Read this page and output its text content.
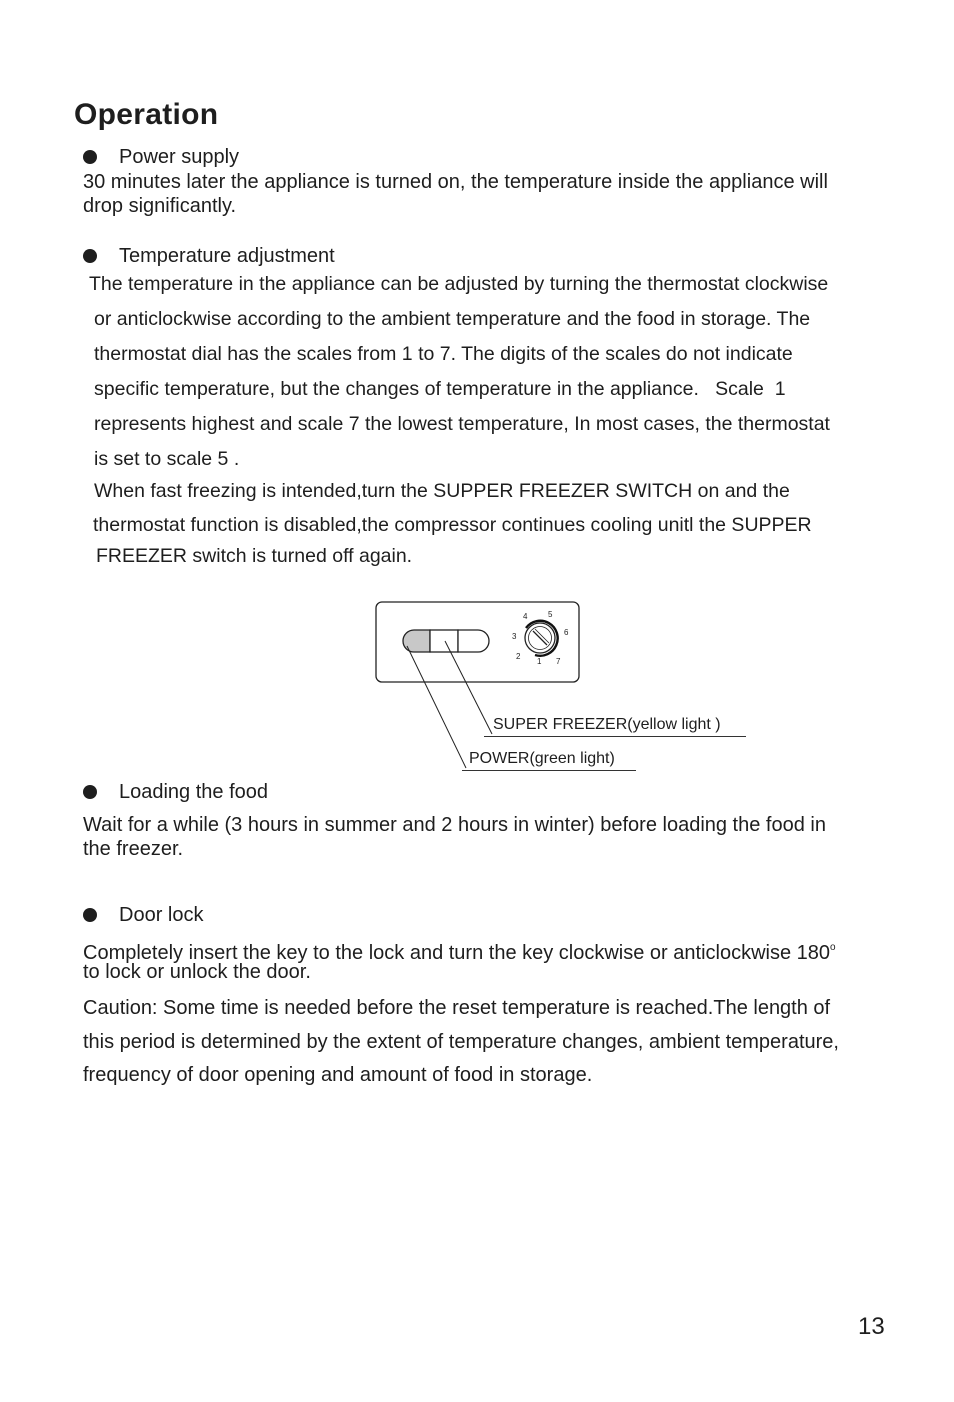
Operation
Power supply
30 minutes later the appliance is turned on, the temperature inside the appliance will
drop significantly.
Temperature adjustment
The temperature in the appliance can be adjusted by turning the thermostat clockwise
or anticlockwise according to the ambient temperature and the food in storage. The
thermostat dial has the scales from 1 to 7. The digits of the scales do not indicate
specific temperature, but the changes of temperature in the appliance.   Scale  1
represents highest and scale 7 the lowest temperature, In most cases, the thermostat
is set to scale 5 .
When fast freezing is intended,turn the SUPPER FREEZER SWITCH on and the
thermostat function is disabled,the compressor continues cooling unitl the SUPPER
FREEZER switch is turned off again.
1
2
3
4	5
6
7
SUPER FREEZER(yellow light )
POWER(green light)
Loading the food
Wait for a while (3 hours in summer and 2 hours in winter) before loading the food in
the freezer.
Door lock
Completely insert the key to the lock and turn the key clockwise or anticlockwise 180$^o$
to lock or unlock the door.
Caution: Some time is needed before the reset temperature is reached.The length of
this period is determined by the extent of temperature changes, ambient temperature,
frequency of door opening and amount of food in storage.
13
